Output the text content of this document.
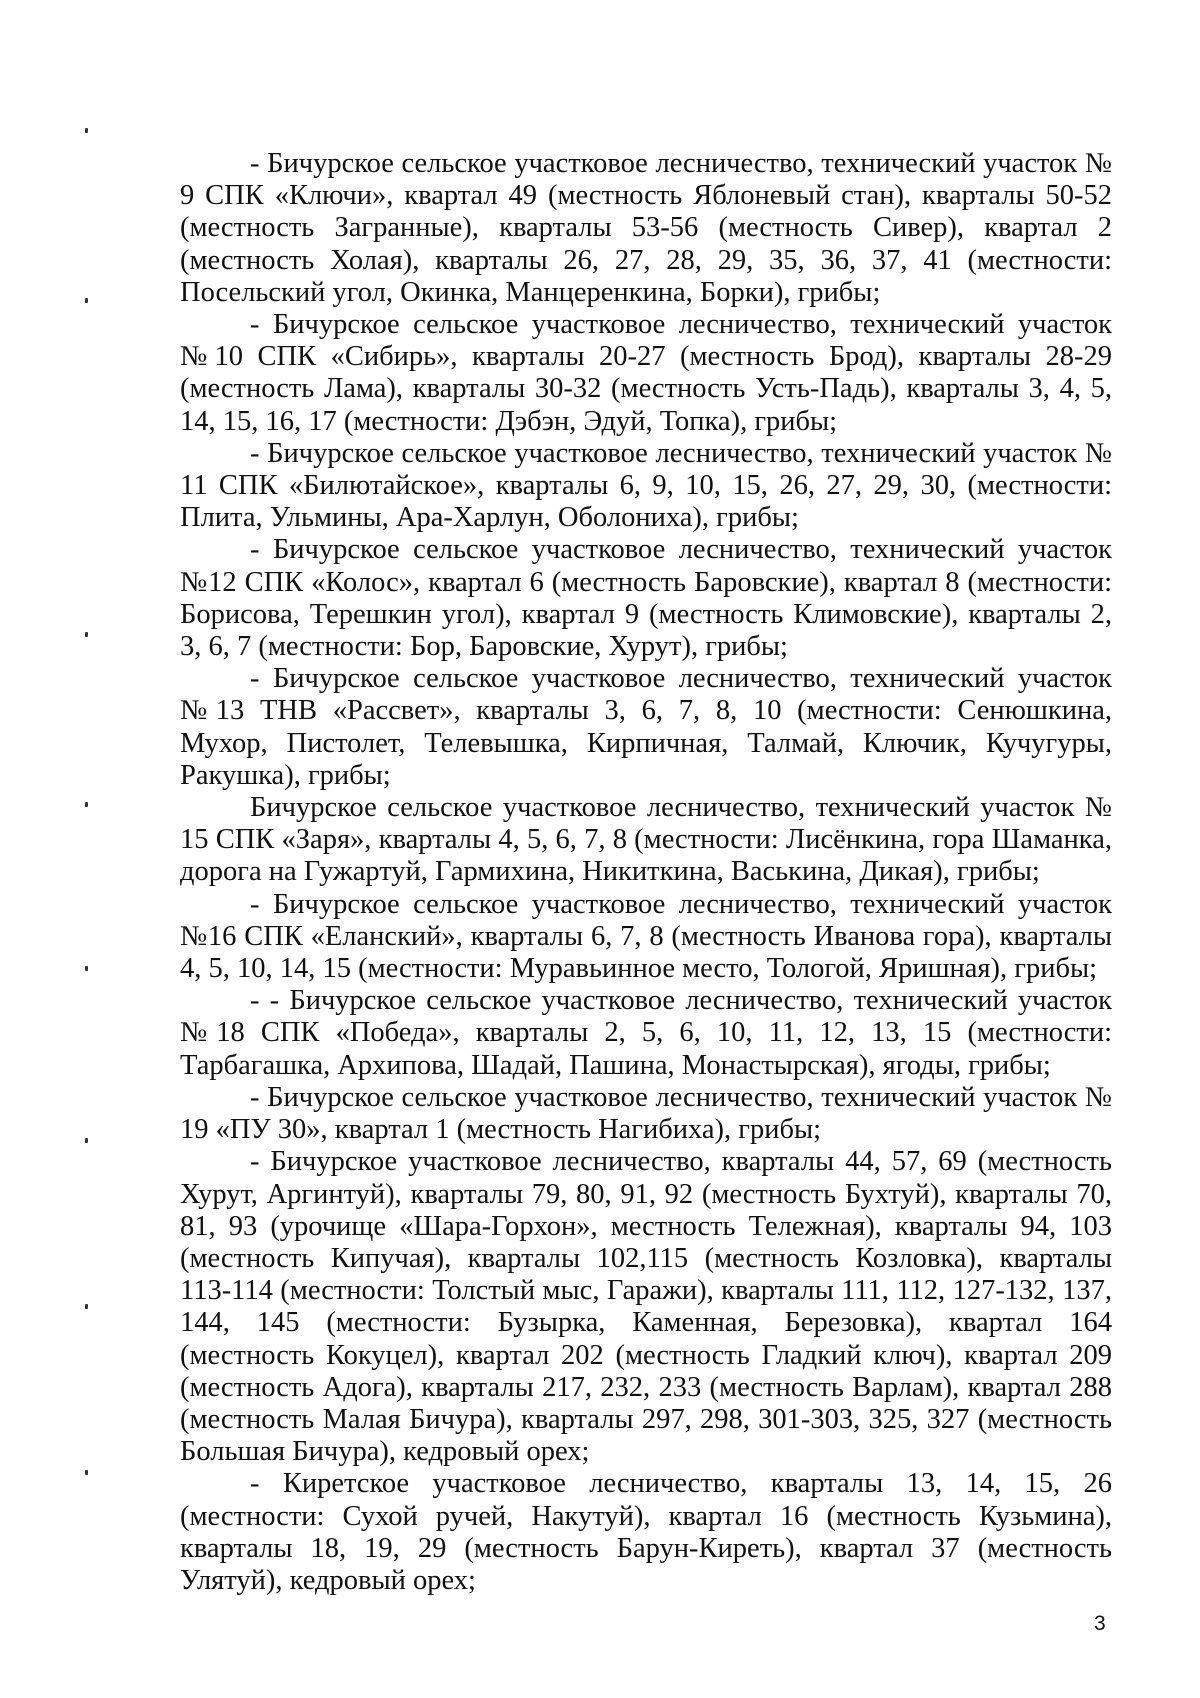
- Бичурское сельское участковое лесничество, технический участок № 9 СПК «Ключи», квартал 49 (местность Яблоневый стан), кварталы 50-52 (местность Загранные), кварталы 53-56 (местность Сивер), квартал 2 (местность Холая), кварталы 26, 27, 28, 29, 35, 36, 37, 41 (местности: Посельский угол, Окинка, Манцеренкина, Борки), грибы;

- Бичурское сельское участковое лесничество, технический участок №10 СПК «Сибирь», кварталы 20-27 (местность Брод), кварталы 28-29 (местность Лама), кварталы 30-32 (местность Усть-Падь), кварталы 3, 4, 5, 14, 15, 16, 17 (местности: Дэбэн, Эдуй, Топка), грибы;

- Бичурское сельское участковое лесничество, технический участок № 11 СПК «Билютайское», кварталы 6, 9, 10, 15, 26, 27, 29, 30, (местности: Плита, Ульмины, Ара-Харлун, Оболониха), грибы;

- Бичурское сельское участковое лесничество, технический участок №12 СПК «Колос», квартал 6 (местность Баровские), квартал 8 (местности: Борисова, Терешкин угол), квартал 9 (местность Климовские), кварталы 2, 3, 6, 7 (местности: Бор, Баровские, Хурут), грибы;

- Бичурское сельское участковое лесничество, технический участок №13 ТНВ «Рассвет», кварталы 3, 6, 7, 8, 10 (местности: Сенюшкина, Мухор, Пистолет, Телевышка, Кирпичная, Талмай, Ключик, Кучугуры, Ракушка), грибы;

Бичурское сельское участковое лесничество, технический участок № 15 СПК «Заря», кварталы 4, 5, 6, 7, 8 (местности: Лисёнкина, гора Шаманка, дорога на Гужартуй, Гармихина, Никиткина, Васькина, Дикая), грибы;

- Бичурское сельское участковое лесничество, технический участок №16 СПК «Еланский», кварталы 6, 7, 8 (местность Иванова гора), кварталы 4, 5, 10, 14, 15 (местности: Муравьинное место, Тологой, Яришная), грибы;

- - Бичурское сельское участковое лесничество, технический участок №18 СПК «Победа», кварталы 2, 5, 6, 10, 11, 12, 13, 15 (местности: Тарбагашка, Архипова, Шадай, Пашина, Монастырская), ягоды, грибы;

- Бичурское сельское участковое лесничество, технический участок № 19 «ПУ 30», квартал 1 (местность Нагибиха), грибы;

- Бичурское участковое лесничество, кварталы 44, 57, 69 (местность Хурут, Аргинтуй), кварталы 79, 80, 91, 92 (местность Бухтуй), кварталы 70, 81, 93 (урочище «Шара-Горхон», местность Тележная), кварталы 94, 103 (местность Кипучая), кварталы 102,115 (местность Козловка), кварталы 113-114 (местности: Толстый мыс, Гаражи), кварталы 111, 112, 127-132, 137, 144, 145 (местности: Бузырка, Каменная, Березовка), квартал 164 (местность Кокуцел), квартал 202 (местность Гладкий ключ), квартал 209 (местность Адога), кварталы 217, 232, 233 (местность Варлам), квартал 288 (местность Малая Бичура), кварталы 297, 298, 301-303, 325, 327 (местность Большая Бичура), кедровый орех;

- Киретское участковое лесничество, кварталы 13, 14, 15, 26 (местности: Сухой ручей, Накутуй), квартал 16 (местность Кузьмина), кварталы 18, 19, 29 (местность Барун-Киреть), квартал 37 (местность Улятуй), кедровый орех;

3
